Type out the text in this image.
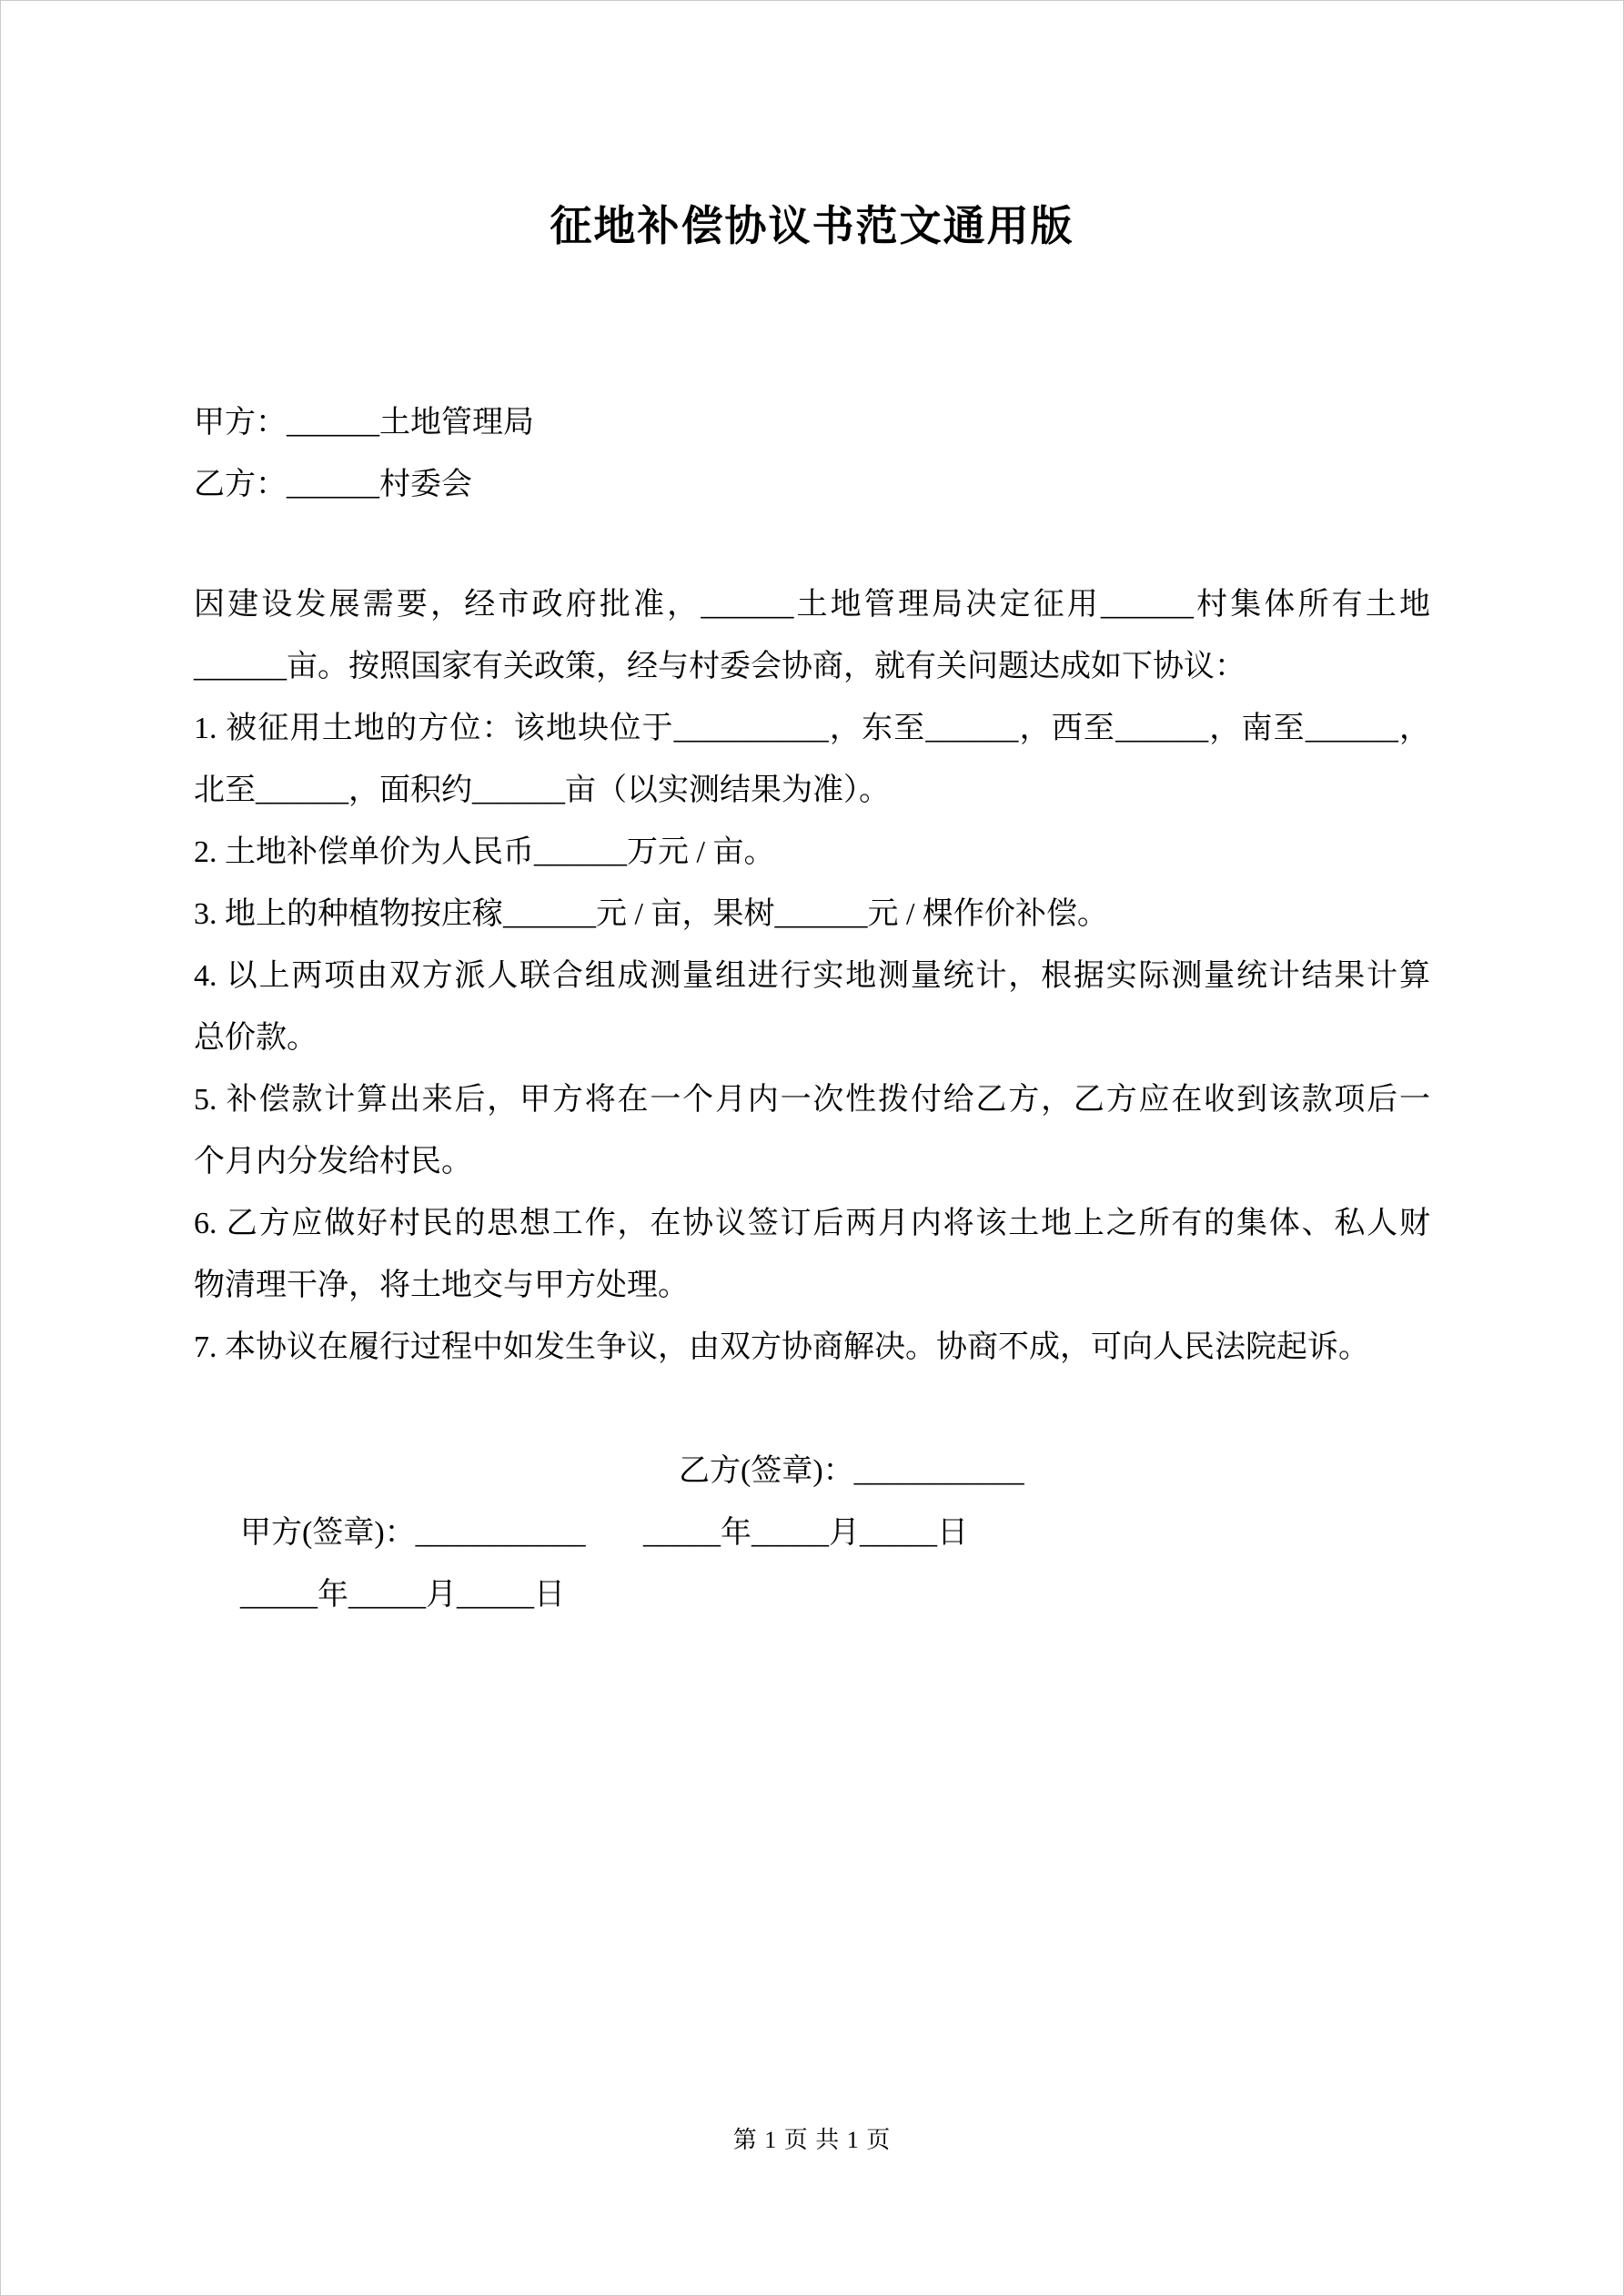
征地补偿协议书范文通用版
甲方：______土地管理局
乙方：______村委会
因建设发展需要，经市政府批准，______土地管理局决定征用______村集体所有土地
______亩。按照国家有关政策，经与村委会协商，就有关问题达成如下协议：
1. 被征用土地的方位：该地块位于__________，东至______，西至______，南至______，
北至______，面积约______亩（以实测结果为准）。
2. 土地补偿单价为人民币______万元 / 亩。
3. 地上的种植物按庄稼______元 / 亩，果树______元 / 棵作价补偿。
4. 以上两项由双方派人联合组成测量组进行实地测量统计，根据实际测量统计结果计算
总价款。
5. 补偿款计算出来后，甲方将在一个月内一次性拨付给乙方，乙方应在收到该款项后一
个月内分发给村民。
6. 乙方应做好村民的思想工作，在协议签订后两月内将该土地上之所有的集体、私人财
物清理干净，将土地交与甲方处理。
7. 本协议在履行过程中如发生争议，由双方协商解决。协商不成，可向人民法院起诉。

甲方(签章)：___________

乙方(签章)：___________

_____年_____月_____日

_____年_____月_____日

第 1 页 共 1 页
